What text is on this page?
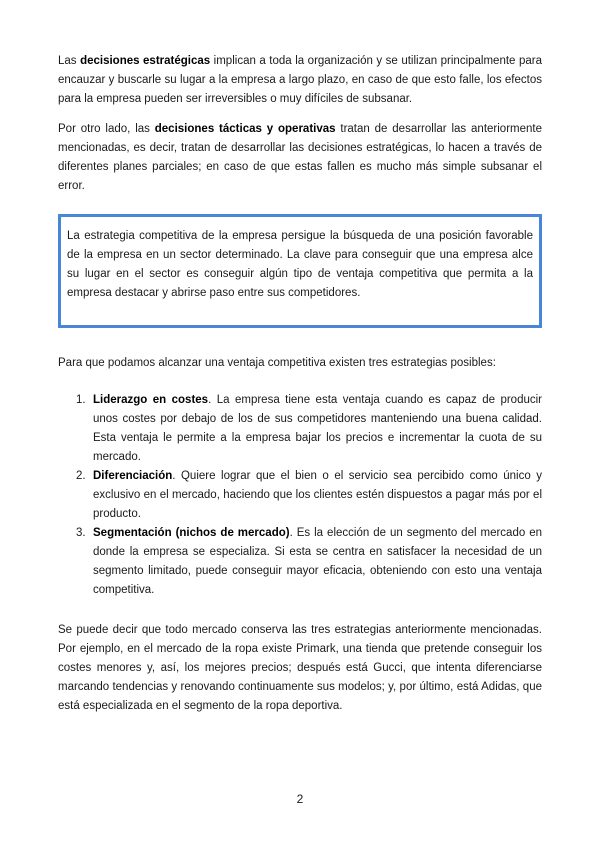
Las decisiones estratégicas implican a toda la organización y se utilizan principalmente para encauzar y buscarle su lugar a la empresa a largo plazo, en caso de que esto falle, los efectos para la empresa pueden ser irreversibles o muy difíciles de subsanar.

Por otro lado, las decisiones tácticas y operativas tratan de desarrollar las anteriormente mencionadas, es decir, tratan de desarrollar las decisiones estratégicas, lo hacen a través de diferentes planes parciales; en caso de que estas fallen es mucho más simple subsanar el error.

La estrategia competitiva de la empresa persigue la búsqueda de una posición favorable de la empresa en un sector determinado. La clave para conseguir que una empresa alce su lugar en el sector es conseguir algún tipo de ventaja competitiva que permita a la empresa destacar y abrirse paso entre sus competidores.

Para que podamos alcanzar una ventaja competitiva existen tres estrategias posibles:

1. Liderazgo en costes. La empresa tiene esta ventaja cuando es capaz de producir unos costes por debajo de los de sus competidores manteniendo una buena calidad. Esta ventaja le permite a la empresa bajar los precios e incrementar la cuota de su mercado.
2. Diferenciación. Quiere lograr que el bien o el servicio sea percibido como único y exclusivo en el mercado, haciendo que los clientes estén dispuestos a pagar más por el producto.
3. Segmentación (nichos de mercado). Es la elección de un segmento del mercado en donde la empresa se especializa. Si esta se centra en satisfacer la necesidad de un segmento limitado, puede conseguir mayor eficacia, obteniendo con esto una ventaja competitiva.

Se puede decir que todo mercado conserva las tres estrategias anteriormente mencionadas. Por ejemplo, en el mercado de la ropa existe Primark, una tienda que pretende conseguir los costes menores y, así, los mejores precios; después está Gucci, que intenta diferenciarse marcando tendencias y renovando continuamente sus modelos; y, por último, está Adidas, que está especializada en el segmento de la ropa deportiva.

2
